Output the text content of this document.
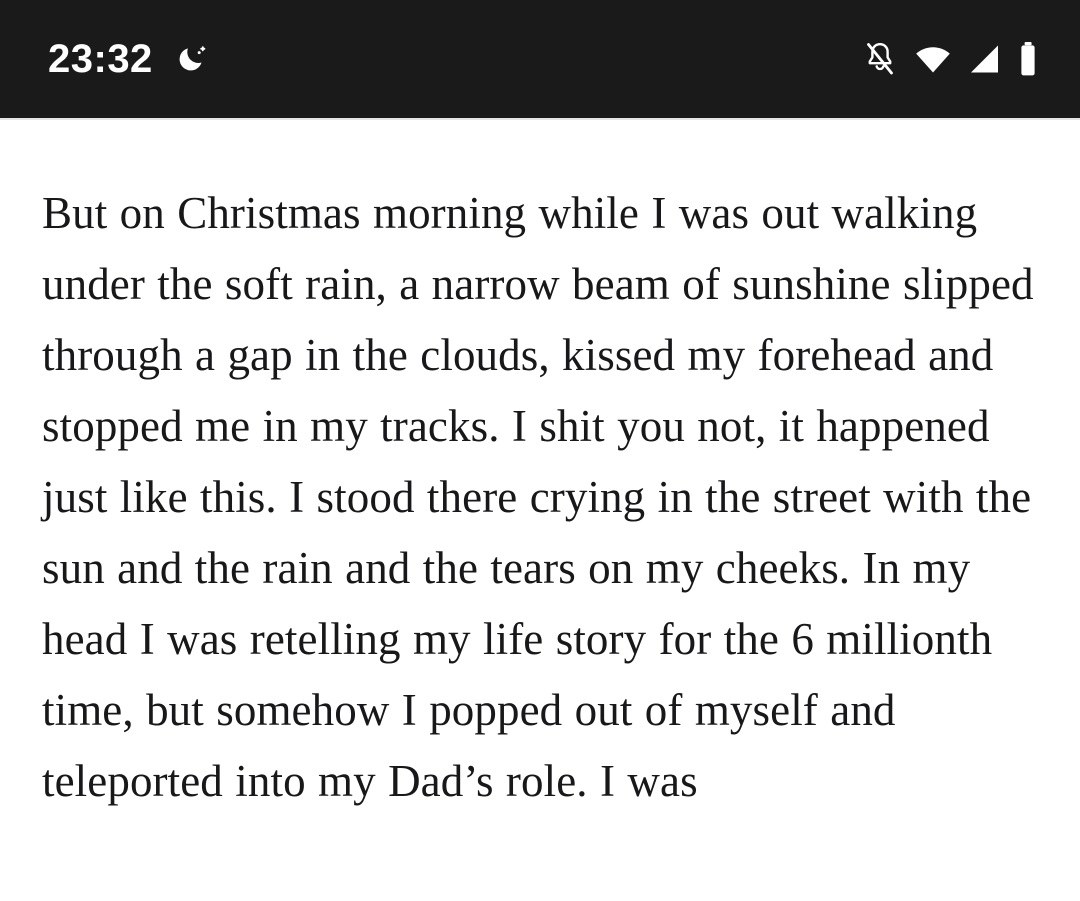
23:32

But on Christmas morning while I was out walking under the soft rain, a narrow beam of sunshine slipped through a gap in the clouds, kissed my forehead and stopped me in my tracks. I shit you not, it happened just like this. I stood there crying in the street with the sun and the rain and the tears on my cheeks. In my head I was retelling my life story for the 6 millionth time, but somehow I popped out of myself and teleported into my Dad’s role. I was
